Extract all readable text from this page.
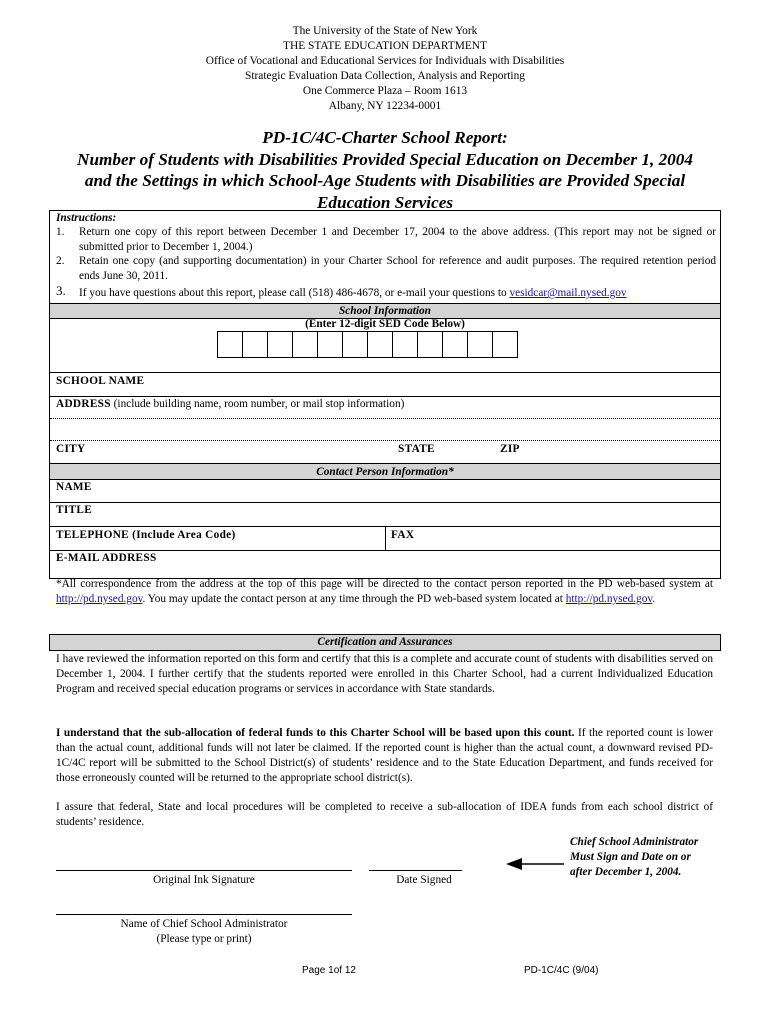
The University of the State of New York
THE STATE EDUCATION DEPARTMENT
Office of Vocational and Educational Services for Individuals with Disabilities
Strategic Evaluation Data Collection, Analysis and Reporting
One Commerce Plaza – Room 1613
Albany, NY 12234-0001
PD-1C/4C-Charter School Report:
Number of Students with Disabilities Provided Special Education on December 1, 2004
and the Settings in which School-Age Students with Disabilities are Provided Special
Education Services
Instructions:
1. Return one copy of this report between December 1 and December 17, 2004 to the above address. (This report may not be signed or submitted prior to December 1, 2004.)
2. Retain one copy (and supporting documentation) in your Charter School for reference and audit purposes. The required retention period ends June 30, 2011.
3. If you have questions about this report, please call (518) 486-4678, or e-mail your questions to vesidcar@mail.nysed.gov
School Information
(Enter 12-digit SED Code Below)
SCHOOL NAME
ADDRESS (include building name, room number, or mail stop information)
CITY	STATE	ZIP
Contact Person Information*
NAME
TITLE
TELEPHONE (Include Area Code)	FAX
E-MAIL ADDRESS
*All correspondence from the address at the top of this page will be directed to the contact person reported in the PD web-based system at http://pd.nysed.gov. You may update the contact person at any time through the PD web-based system located at http://pd.nysed.gov.
Certification and Assurances
I have reviewed the information reported on this form and certify that this is a complete and accurate count of students with disabilities served on December 1, 2004. I further certify that the students reported were enrolled in this Charter School, had a current Individualized Education Program and received special education programs or services in accordance with State standards.
I understand that the sub-allocation of federal funds to this Charter School will be based upon this count. If the reported count is lower than the actual count, additional funds will not later be claimed. If the reported count is higher than the actual count, a downward revised PD-1C/4C report will be submitted to the School District(s) of students’ residence and to the State Education Department, and funds received for those erroneously counted will be returned to the appropriate school district(s).
I assure that federal, State and local procedures will be completed to receive a sub-allocation of IDEA funds from each school district of students’ residence.
Original Ink Signature	Date Signed
Chief School Administrator Must Sign and Date on or after December 1, 2004.
Name of Chief School Administrator
(Please type or print)
Page 1of 12	PD-1C/4C (9/04)
